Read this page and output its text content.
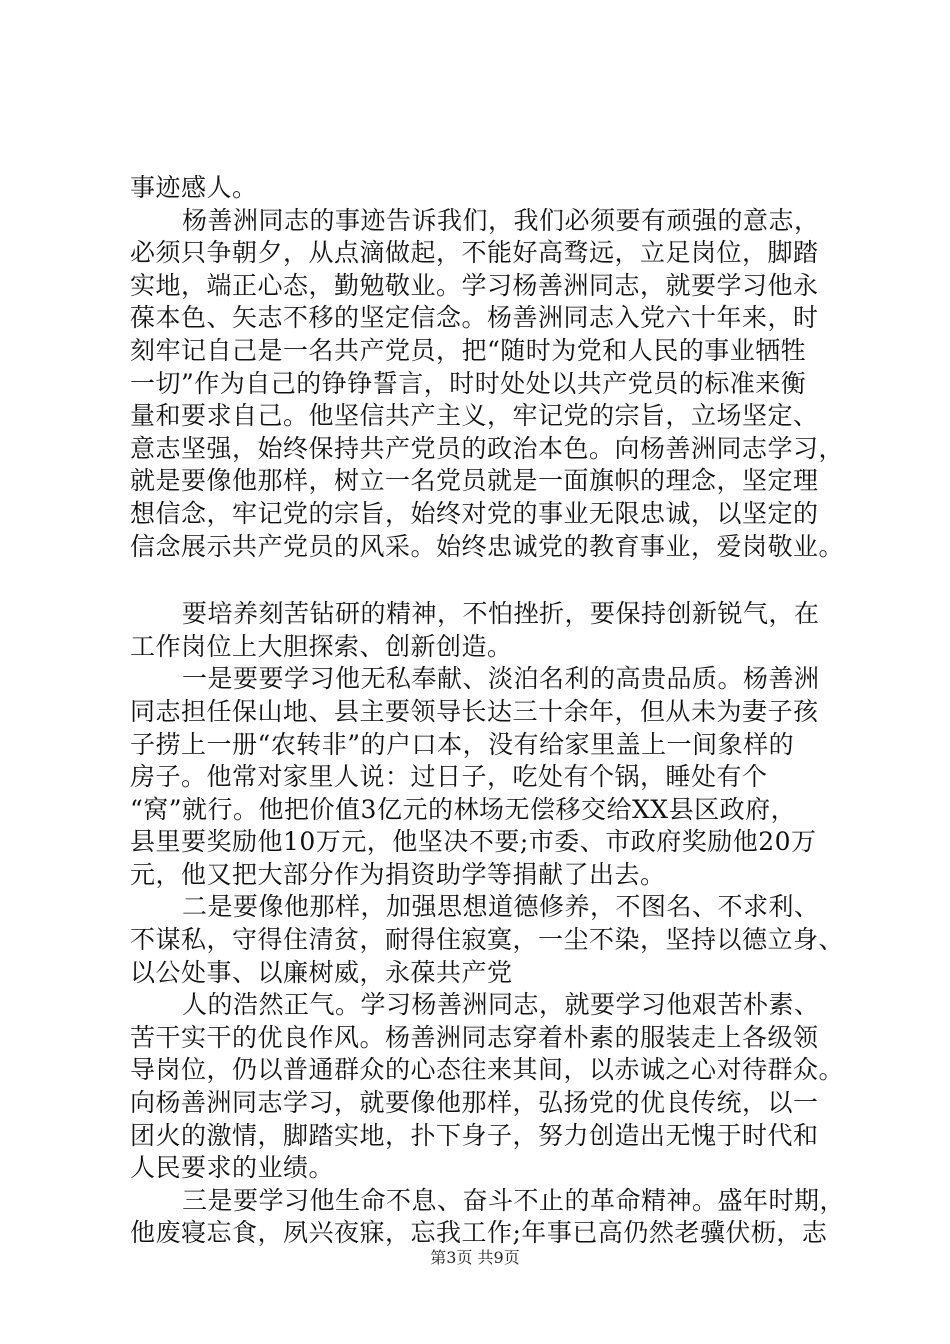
事迹感人。
杨善洲同志的事迹告诉我们，我们必须要有顽强的意志，
必须只争朝夕，从点滴做起，不能好高骛远，立足岗位，脚踏
实地，端正心态，勤勉敬业。学习杨善洲同志，就要学习他永
葆本色、矢志不移的坚定信念。杨善洲同志入党六十年来，时
刻牢记自己是一名共产党员，把“随时为党和人民的事业牺牲
一切”作为自己的铮铮誓言，时时处处以共产党员的标准来衡
量和要求自己。他坚信共产主义，牢记党的宗旨，立场坚定、
意志坚强，始终保持共产党员的政治本色。向杨善洲同志学习，
就是要像他那样，树立一名党员就是一面旗帜的理念，坚定理
想信念，牢记党的宗旨，始终对党的事业无限忠诚，以坚定的
信念展示共产党员的风采。始终忠诚党的教育事业，爱岗敬业。
要培养刻苦钻研的精神，不怕挫折，要保持创新锐气，在
工作岗位上大胆探索、创新创造。
一是要要学习他无私奉献、淡泊名利的高贵品质。杨善洲
同志担任保山地、县主要领导长达三十余年，但从未为妻子孩
子捞上一册“农转非”的户口本，没有给家里盖上一间象样的
房子。他常对家里人说：过日子，吃处有个锅，睡处有个
“窝”就行。他把价值3亿元的林场无偿移交给XX县区政府，
县里要奖励他10万元，他坚决不要;市委、市政府奖励他20万
元，他又把大部分作为捐资助学等捐献了出去。
二是要像他那样，加强思想道德修养，不图名、不求利、
不谋私，守得住清贫，耐得住寂寞，一尘不染，坚持以德立身、
以公处事、以廉树威，永葆共产党
人的浩然正气。学习杨善洲同志，就要学习他艰苦朴素、
苦干实干的优良作风。杨善洲同志穿着朴素的服装走上各级领
导岗位，仍以普通群众的心态往来其间，以赤诚之心对待群众。
向杨善洲同志学习，就要像他那样，弘扬党的优良传统，以一
团火的激情，脚踏实地，扑下身子，努力创造出无愧于时代和
人民要求的业绩。
三是要学习他生命不息、奋斗不止的革命精神。盛年时期，
他废寝忘食，夙兴夜寐，忘我工作;年事已高仍然老骥伏枥，志
第3页 共9页
